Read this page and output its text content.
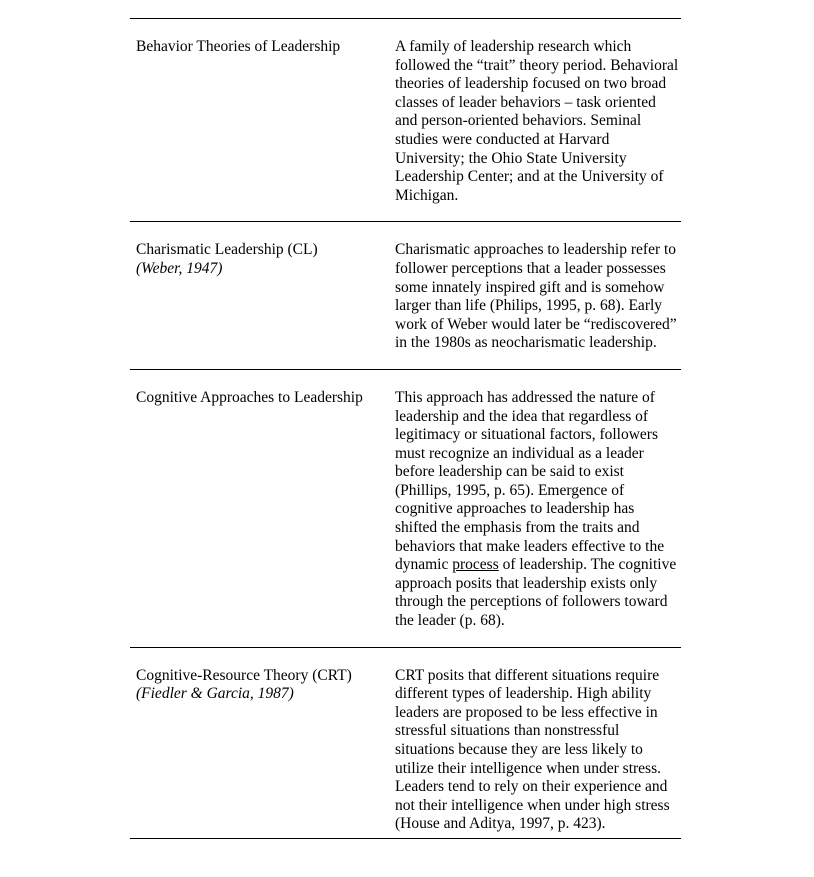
Behavior Theories of Leadership	A family of leadership research which followed the “trait” theory period. Behavioral theories of leadership focused on two broad classes of leader behaviors – task oriented and person-oriented behaviors. Seminal studies were conducted at Harvard University; the Ohio State University Leadership Center; and at the University of Michigan.
Charismatic Leadership (CL)
(Weber, 1947)
Charismatic approaches to leadership refer to follower perceptions that a leader possesses some innately inspired gift and is somehow larger than life (Philips, 1995, p. 68). Early work of Weber would later be “rediscovered” in the 1980s as neocharismatic leadership.
Cognitive Approaches to Leadership	This approach has addressed the nature of leadership and the idea that regardless of legitimacy or situational factors, followers must recognize an individual as a leader before leadership can be said to exist (Phillips, 1995, p. 65). Emergence of cognitive approaches to leadership has shifted the emphasis from the traits and behaviors that make leaders effective to the dynamic process of leadership. The cognitive approach posits that leadership exists only through the perceptions of followers toward the leader (p. 68).
Cognitive-Resource Theory (CRT)
(Fiedler & Garcia, 1987)
CRT posits that different situations require different types of leadership. High ability leaders are proposed to be less effective in stressful situations than nonstressful situations because they are less likely to utilize their intelligence when under stress. Leaders tend to rely on their experience and not their intelligence when under high stress (House and Aditya, 1997, p. 423).
